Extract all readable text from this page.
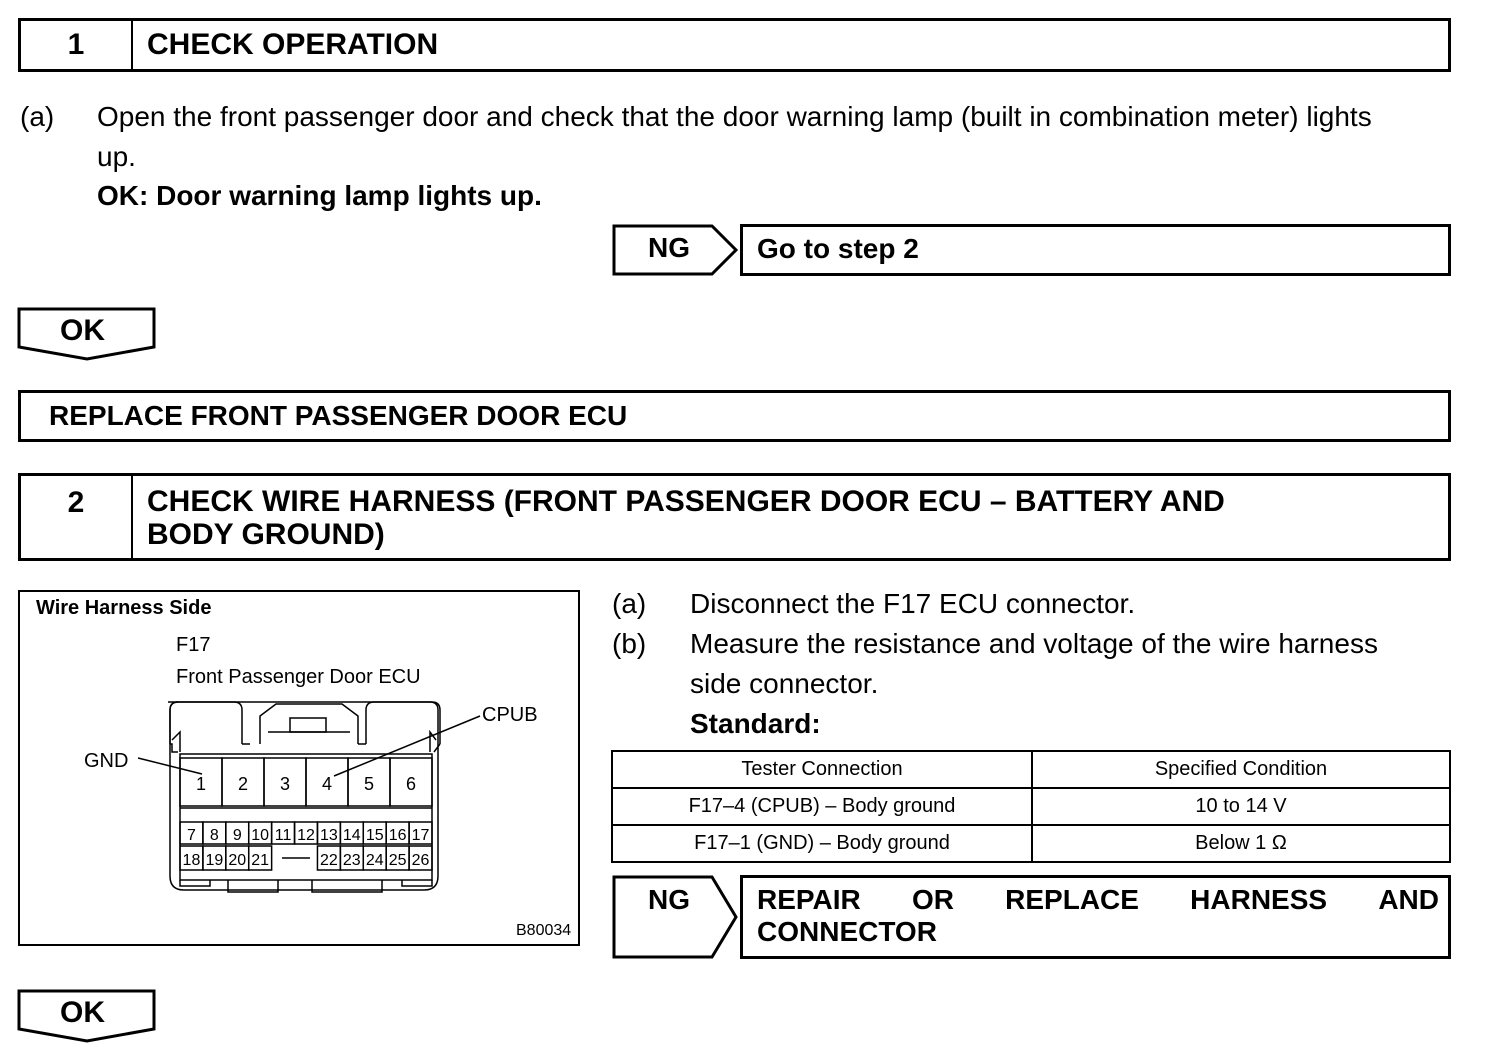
1	CHECK OPERATION
(a) Open the front passenger door and check that the door warning lamp (built in combination meter) lights
up.
OK: Door warning lamp lights up.
NG Go to step 2
OK
REPLACE FRONT PASSENGER DOOR ECU
2	CHECK WIRE HARNESS (FRONT PASSENGER DOOR ECU – BATTERY AND
BODY GROUND)
Wire Harness Side
F17
Front Passenger Door ECU
GND
CPUB
B80034
1 2 3 4 5 6
7 8 9 10 11 12 13 14 15 16 17
18 19 20 21	22 23 24 25 26
(a) Disconnect the F17 ECU connector.
(b) Measure the resistance and voltage of the wire harness
side connector.
Standard:
Tester Connection	Specified Condition
F17–4 (CPUB) – Body ground	10 to 14 V
F17–1 (GND) – Body ground	Below 1 Ω
NG REPAIR OR REPLACE HARNESS AND
CONNECTOR
OK
